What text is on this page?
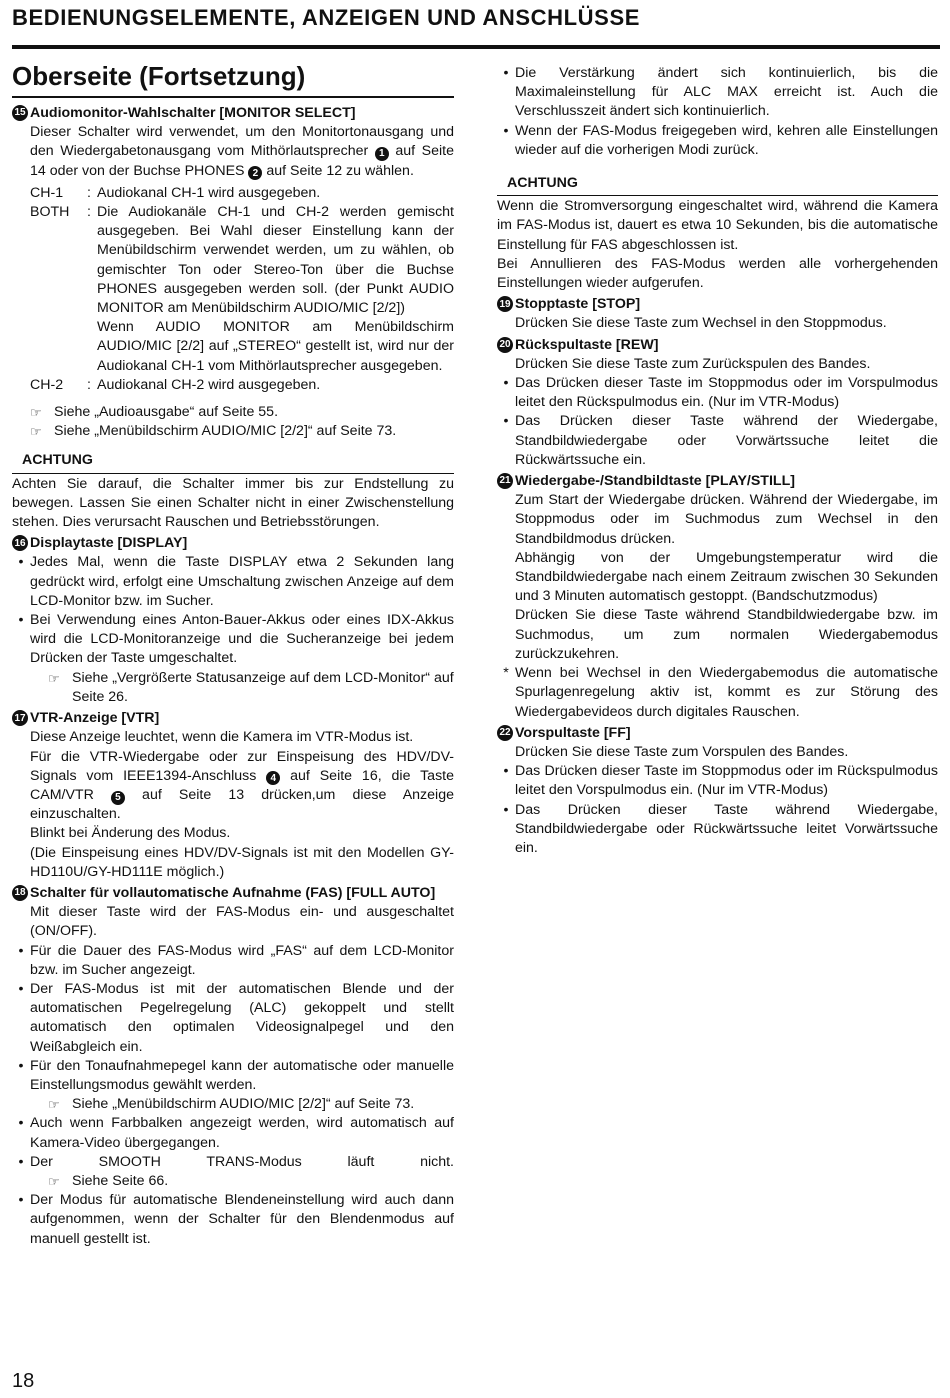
BEDIENUNGSELEMENTE, ANZEIGEN UND ANSCHLÜSSE
Oberseite (Fortsetzung)
15 Audiomonitor-Wahlschalter [MONITOR SELECT]

Dieser Schalter wird verwendet, um den Monitortonausgang und den Wiedergabetonausgang vom Mithörlautsprecher 1 auf Seite 14 oder von der Buchse PHONES 2 auf Seite 12 zu wählen.

CH-1	: Audiokanal CH-1 wird ausgegeben.
BOTH	: Die Audiokanäle CH-1 und CH-2 werden gemischt ausgegeben. Bei Wahl dieser Einstellung kann der Menübildschirm verwendet werden, um zu wählen, ob gemischter Ton oder Stereo-Ton über die Buchse PHONES ausgegeben werden soll. (der Punkt AUDIO MONITOR am Menübildschirm AUDIO/MIC [2/2])
Wenn AUDIO MONITOR am Menübildschirm AUDIO/MIC [2/2] auf „STEREO“ gestellt ist, wird nur der Audiokanal CH-1 vom Mithörlautsprecher ausgegeben.
CH-2	: Audiokanal CH-2 wird ausgegeben.
☞ Siehe „Audioausgabe“ auf Seite 55.
☞ Siehe „Menübildschirm AUDIO/MIC [2/2]“ auf Seite 73.
ACHTUNG

Achten Sie darauf, die Schalter immer bis zur Endstellung zu bewegen. Lassen Sie einen Schalter nicht in einer Zwischenstellung stehen. Dies verursacht Rauschen und Betriebsstörungen.

16 Displaytaste [DISPLAY]
• Jedes Mal, wenn die Taste DISPLAY etwa 2 Sekunden lang gedrückt wird, erfolgt eine Umschaltung zwischen Anzeige auf dem LCD-Monitor bzw. im Sucher.
• Bei Verwendung eines Anton-Bauer-Akkus oder eines IDX-Akkus wird die LCD-Monitoranzeige und die Sucheranzeige bei jedem Drücken der Taste umgeschaltet.
☞ Siehe „Vergrößerte Statusanzeige auf dem LCD-Monitor“ auf Seite 26.
17 VTR-Anzeige [VTR]

Diese Anzeige leuchtet, wenn die Kamera im VTR-Modus ist.

Für die VTR-Wiedergabe oder zur Einspeisung des HDV/DV-Signals vom IEEE1394-Anschluss 4 auf Seite 16, die Taste CAM/VTR 5 auf Seite 13 drücken,um diese Anzeige einzuschalten.

Blinkt bei Änderung des Modus.

(Die Einspeisung eines HDV/DV-Signals ist mit den Modellen GY-HD110U/GY-HD111E möglich.)

18 Schalter für vollautomatische Aufnahme (FAS) [FULL AUTO]

Mit dieser Taste wird der FAS-Modus ein- und ausgeschaltet (ON/OFF).

• Für die Dauer des FAS-Modus wird „FAS“ auf dem LCD-Monitor bzw. im Sucher angezeigt.
• Der FAS-Modus ist mit der automatischen Blende und der automatischen Pegelregelung (ALC) gekoppelt und stellt automatisch den optimalen Videosignalpegel und den Weißabgleich ein.
• Für den Tonaufnahmepegel kann der automatische oder manuelle Einstellungsmodus gewählt werden.
☞ Siehe „Menübildschirm AUDIO/MIC [2/2]“ auf Seite 73.
• Auch wenn Farbbalken angezeigt werden, wird automatisch auf Kamera-Video übergegangen.
• Der SMOOTH TRANS-Modus läuft nicht.
☞ Siehe Seite 66.
• Der Modus für automatische Blendeneinstellung wird auch dann aufgenommen, wenn der Schalter für den Blendenmodus auf manuell gestellt ist.
• Die Verstärkung ändert sich kontinuierlich, bis die Maximaleinstellung für ALC MAX erreicht ist. Auch die Verschlusszeit ändert sich kontinuierlich.
• Wenn der FAS-Modus freigegeben wird, kehren alle Einstellungen wieder auf die vorherigen Modi zurück.
ACHTUNG

Wenn die Stromversorgung eingeschaltet wird, während die Kamera im FAS-Modus ist, dauert es etwa 10 Sekunden, bis die automatische Einstellung für FAS abgeschlossen ist.

Bei Annullieren des FAS-Modus werden alle vorhergehenden Einstellungen wieder aufgerufen.

19 Stopptaste [STOP]

Drücken Sie diese Taste zum Wechsel in den Stoppmodus.

20 Rückspultaste [REW]

Drücken Sie diese Taste zum Zurückspulen des Bandes.

• Das Drücken dieser Taste im Stoppmodus oder im Vorspulmodus leitet den Rückspulmodus ein. (Nur im VTR-Modus)
• Das Drücken dieser Taste während der Wiedergabe, Standbildwiedergabe oder Vorwärtssuche leitet die Rückwärtssuche ein.
21 Wiedergabe-/Standbildtaste [PLAY/STILL]

Zum Start der Wiedergabe drücken. Während der Wiedergabe, im Stoppmodus oder im Suchmodus zum Wechsel in den Standbildmodus drücken.

Abhängig von der Umgebungstemperatur wird die Standbildwiedergabe nach einem Zeitraum zwischen 30 Sekunden und 3 Minuten automatisch gestoppt. (Bandschutzmodus)

Drücken Sie diese Taste während Standbildwiedergabe bzw. im Suchmodus, um zum normalen Wiedergabemodus zurückzukehren.

* Wenn bei Wechsel in den Wiedergabemodus die automatische Spurlagenregelung aktiv ist, kommt es zur Störung des Wiedergabevideos durch digitales Rauschen.
22 Vorspultaste [FF]

Drücken Sie diese Taste zum Vorspulen des Bandes.

• Das Drücken dieser Taste im Stoppmodus oder im Rückspulmodus leitet den Vorspulmodus ein. (Nur im VTR-Modus)
• Das Drücken dieser Taste während Wiedergabe, Standbildwiedergabe oder Rückwärtssuche leitet Vorwärtssuche ein.
18
